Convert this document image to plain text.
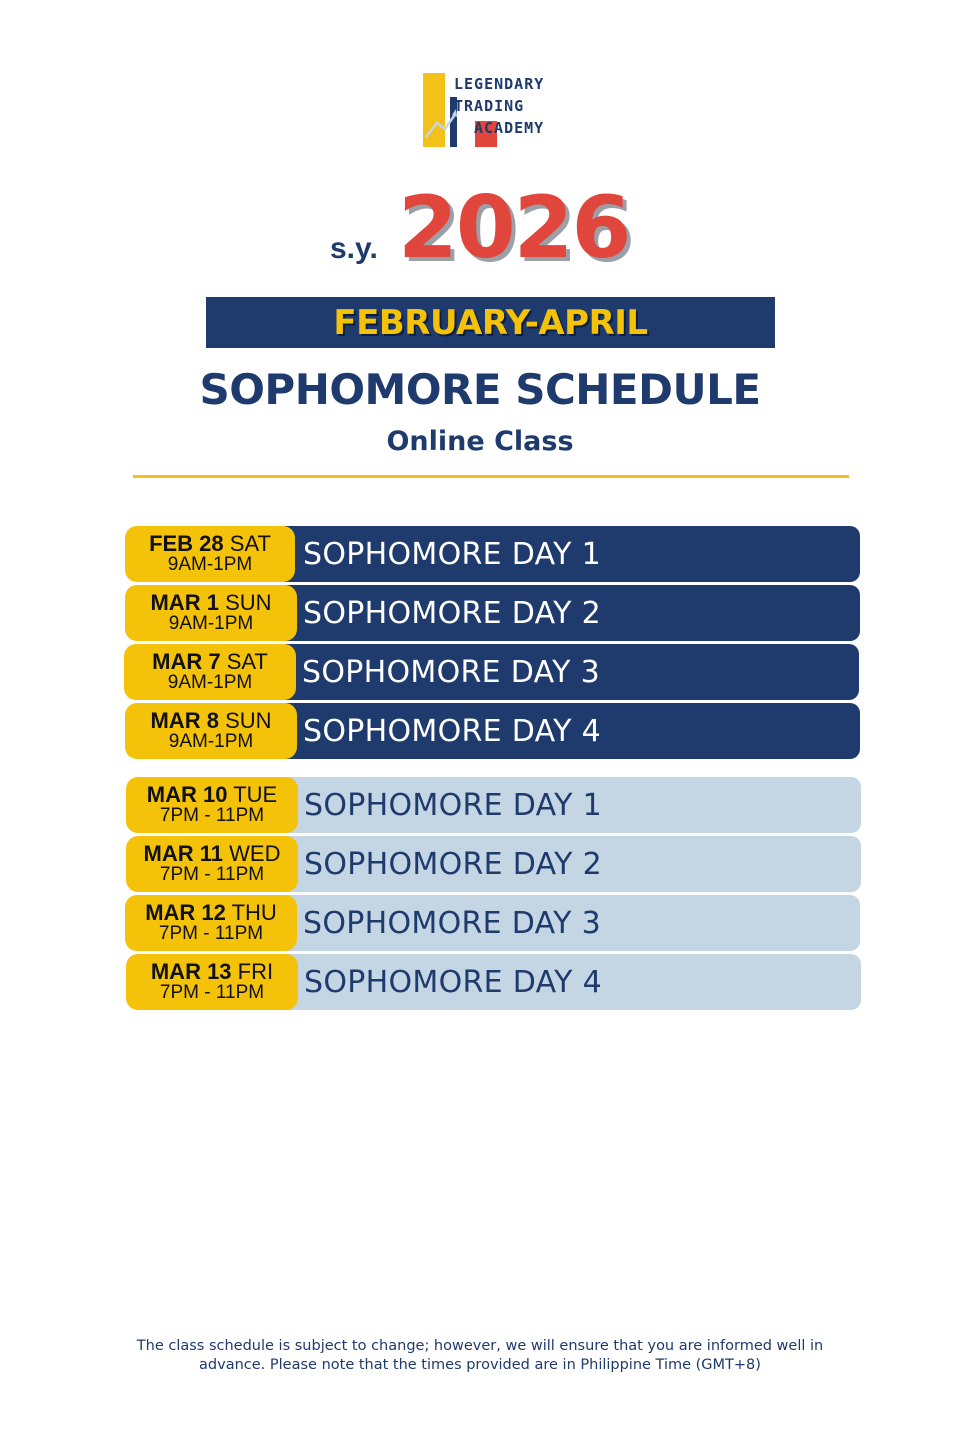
LEGENDARY
TRADING
ACADEMY
s.y. 2026
FEBRUARY-APRIL
SOPHOMORE SCHEDULE
Online Class
SOPHOMORE DAY 1
FEB 28 SAT
9AM-1PM
SOPHOMORE DAY 2
MAR 1 SUN
9AM-1PM
SOPHOMORE DAY 3
MAR 7 SAT
9AM-1PM
SOPHOMORE DAY 4
MAR 8 SUN
9AM-1PM
SOPHOMORE DAY 1
MAR 10 TUE
7PM - 11PM
SOPHOMORE DAY 2
MAR 11 WED
7PM - 11PM
SOPHOMORE DAY 3
MAR 12 THU
7PM - 11PM
SOPHOMORE DAY 4
MAR 13 FRI
7PM - 11PM
The class schedule is subject to change; however, we will ensure that you are informed well in
advance. Please note that the times provided are in Philippine Time (GMT+8)
